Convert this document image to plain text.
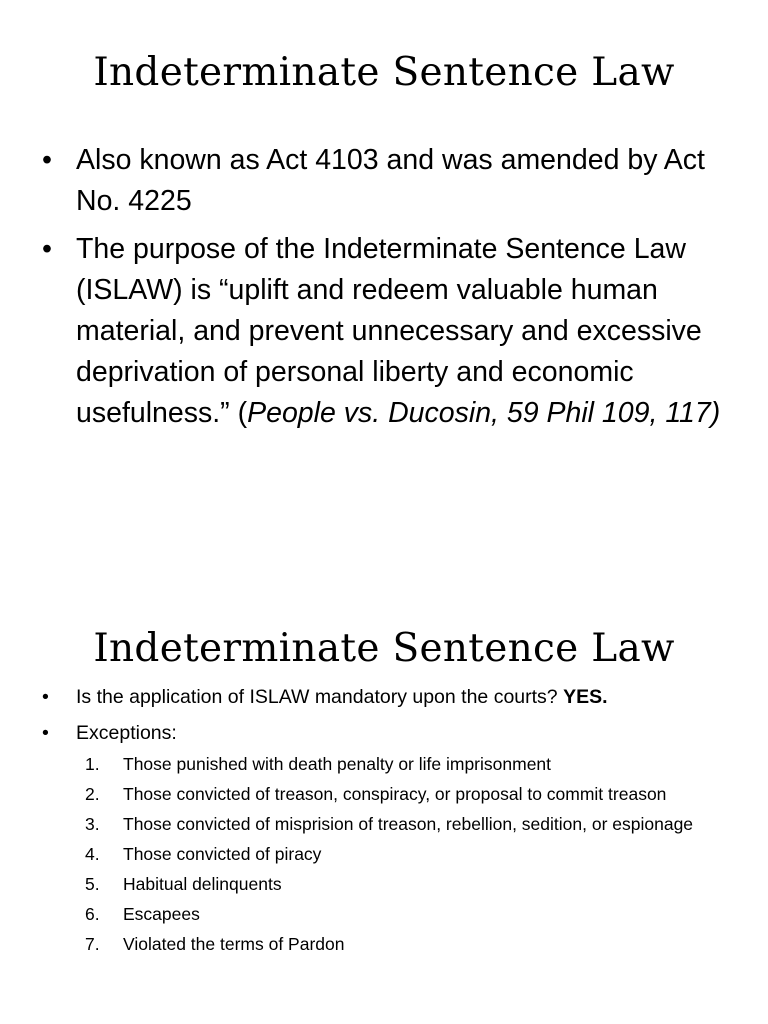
Indeterminate Sentence Law
• Also known as Act 4103 and was amended by Act No. 4225
• The purpose of the Indeterminate Sentence Law (ISLAW) is “uplift and redeem valuable human material, and prevent unnecessary and excessive deprivation of personal liberty and economic usefulness.” (People vs. Ducosin, 59 Phil 109, 117)
Indeterminate Sentence Law
• Is the application of ISLAW mandatory upon the courts? YES.
• Exceptions:
1. Those punished with death penalty or life imprisonment
2. Those convicted of treason, conspiracy, or proposal to commit treason
3. Those convicted of misprision of treason, rebellion, sedition, or espionage
4. Those convicted of piracy
5. Habitual delinquents
6. Escapees
7. Violated the terms of Pardon
